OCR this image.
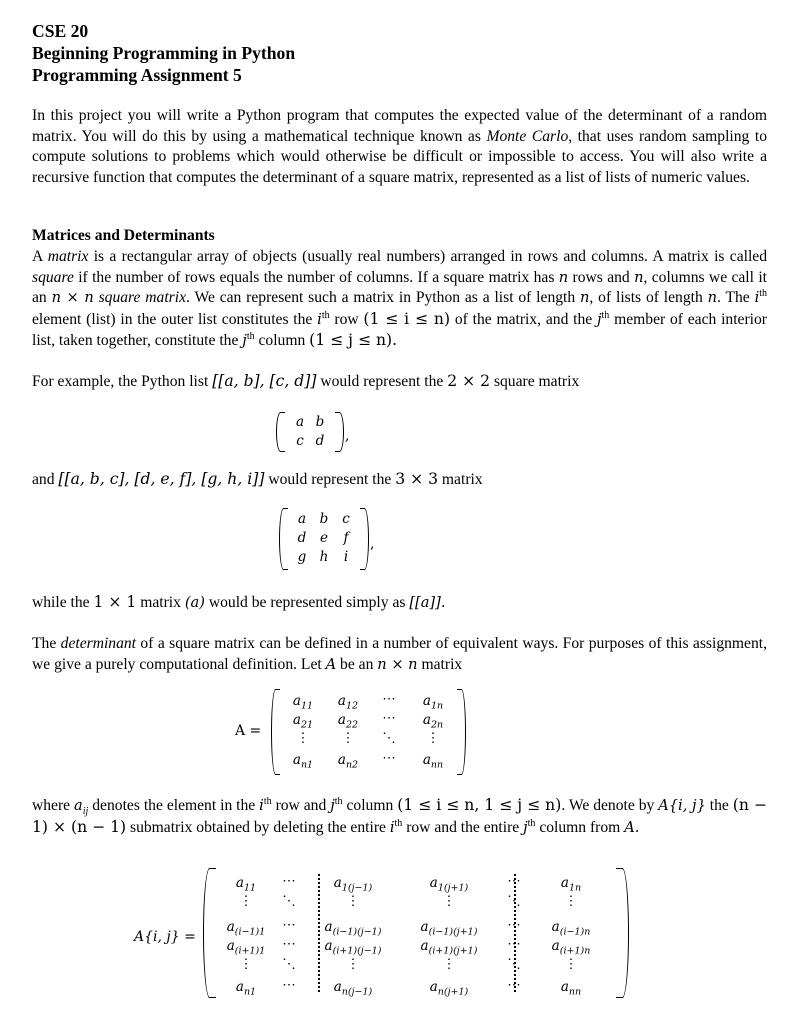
CSE 20
Beginning Programming in Python
Programming Assignment 5
In this project you will write a Python program that computes the expected value of the determinant of a random matrix. You will do this by using a mathematical technique known as Monte Carlo, that uses random sampling to compute solutions to problems which would otherwise be difficult or impossible to access. You will also write a recursive function that computes the determinant of a square matrix, represented as a list of lists of numeric values.
Matrices and Determinants
A matrix is a rectangular array of objects (usually real numbers) arranged in rows and columns. A matrix is called square if the number of rows equals the number of columns. If a square matrix has n rows and n, columns we call it an n × n square matrix. We can represent such a matrix in Python as a list of length n, of lists of length n. The $i^{th}$ element (list) in the outer list constitutes the $i^{th}$ row (1 ≤ i ≤ n) of the matrix, and the $j^{th}$ member of each interior list, taken together, constitute the $j^{th}$ column (1 ≤ j ≤ n).
For example, the Python list [[a, b], [c, d]] would represent the 2 × 2 square matrix
a b
c d	,
and [[a, b, c], [d, e, f], [g, h, i]] would represent the 3 × 3 matrix
a	b	c
d	e	f
g h	i
,
while the 1 × 1 matrix (a) would be represented simply as [[a]].
The determinant of a square matrix can be defined in a number of equivalent ways. For purposes of this assignment, we give a purely computational definition. Let A be an n × n matrix
A =
$a_{11}$	$a_{12}$	⋯	$a_{1n}$
$a_{21}$	$a_{22}$	⋯	$a_{2n}$
⋮	⋮	⋱	⋮
$a_{n1}$	$a_{n2}$	⋯	$a_{nn}$
where $a_{ij}$ denotes the element in the $i^{th}$ row and $j^{th}$ column (1 ≤ i ≤ n, 1 ≤ j ≤ n). We denote by A{i, j} the (n − 1) × (n − 1) submatrix obtained by deleting the entire $i^{th}$ row and the entire $j^{th}$ column from A.
A{i, j} =
$a_{11}$	⋯	$a_{1(j-1)}$	$a_{1(j+1)}$	⋯	$a_{1n}$
⋮	⋱	⋮	⋮	⋱	⋮
$a_{(i-1)1}$	⋯	$a_{(i-1)(j-1)}$	$a_{(i-1)(j+1)}$	⋯	$a_{(i-1)n}$
$a_{(i+1)1}$	⋯	$a_{(i+1)(j-1)}$	$a_{(i+1)(j+1)}$	⋯	$a_{(i+1)n}$
⋮	⋱	⋮	⋮	⋱	⋮
$a_{n1}$	⋯	$a_{n(j-1)}$	$a_{n(j+1)}$	⋯	$a_{nn}$
